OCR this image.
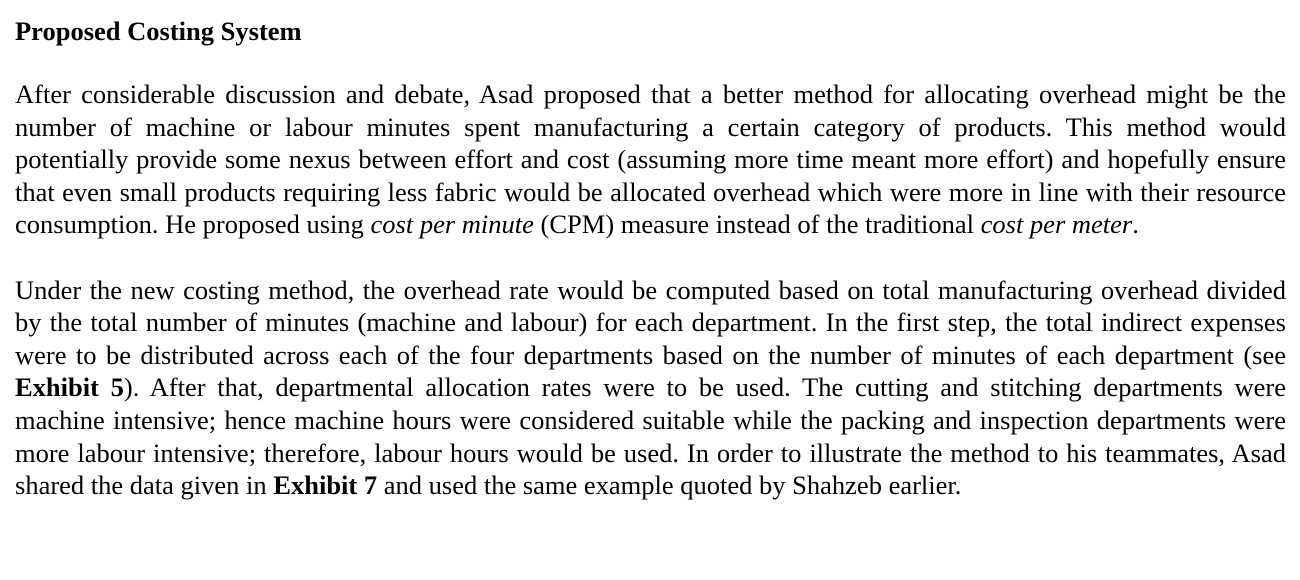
Proposed Costing System

After considerable discussion and debate, Asad proposed that a better method for allocating overhead might be the number of machine or labour minutes spent manufacturing a certain category of products. This method would potentially provide some nexus between effort and cost (assuming more time meant more effort) and hopefully ensure that even small products requiring less fabric would be allocated overhead which were more in line with their resource consumption. He proposed using cost per minute (CPM) measure instead of the traditional cost per meter.

Under the new costing method, the overhead rate would be computed based on total manufacturing overhead divided by the total number of minutes (machine and labour) for each department. In the first step, the total indirect expenses were to be distributed across each of the four departments based on the number of minutes of each department (see Exhibit 5). After that, departmental allocation rates were to be used. The cutting and stitching departments were machine intensive; hence machine hours were considered suitable while the packing and inspection departments were more labour intensive; therefore, labour hours would be used. In order to illustrate the method to his teammates, Asad shared the data given in Exhibit 7 and used the same example quoted by Shahzeb earlier.
